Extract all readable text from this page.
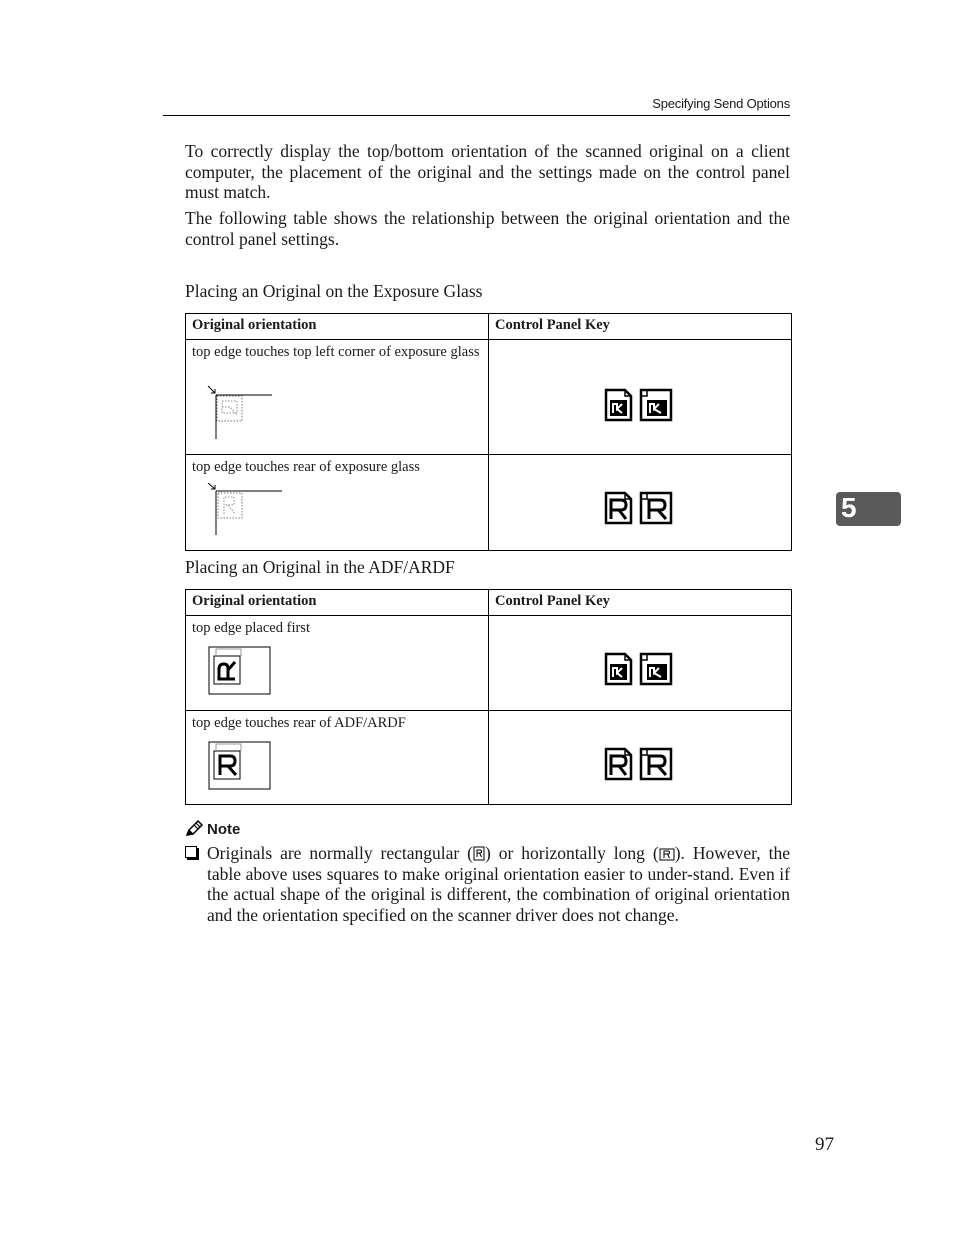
Specifying Send Options

To correctly display the top/bottom orientation of the scanned original on a client computer, the placement of the original and the settings made on the control panel must match.

The following table shows the relationship between the original orientation and the control panel settings.

Placing an Original on the Exposure Glass
Original orientation	Control Panel Key

top edge touches top left corner of exposure glass

top edge touches rear of exposure glass

Placing an Original in the ADF/ARDF
Original orientation	Control Panel Key

top edge placed first

top edge touches rear of ADF/ARDF

5
Note

Originals are normally rectangular ( ) or horizontally long ( ). However, the table above uses squares to make original orientation easier to under-stand. Even if the actual shape of the original is different, the combination of original orientation and the orientation specified on the scanner driver does not change.

97
